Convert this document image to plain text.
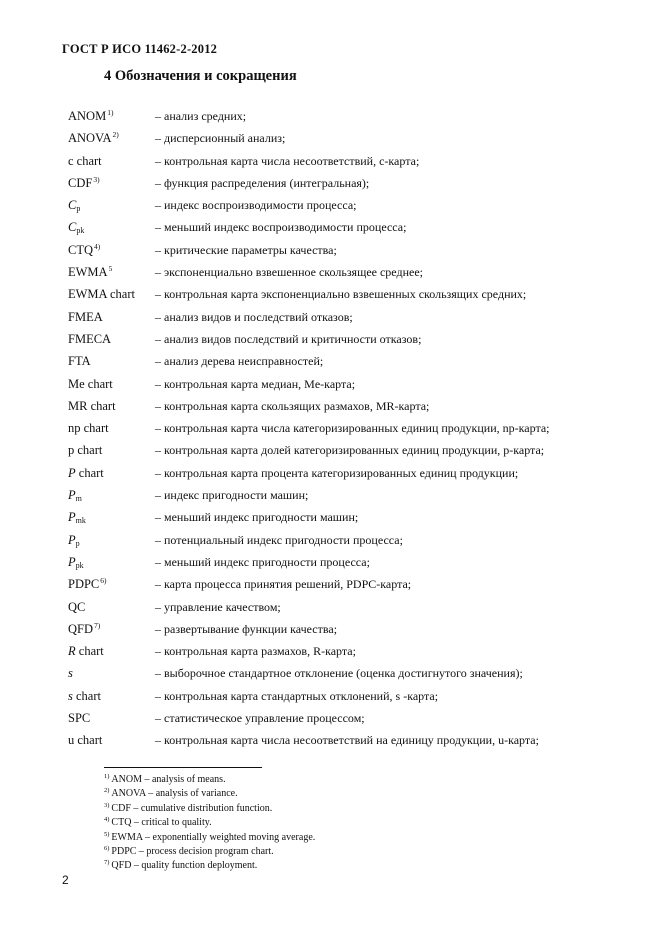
ГОСТ Р ИСО 11462-2-2012
4 Обозначения и сокращения
ANOM$^{1)}$	– анализ средних;
ANOVA$^{2)}$	– дисперсионный анализ;
c chart	– контрольная карта числа несоответствий, с-карта;
CDF$^{3)}$	– функция распределения (интегральная);
$C_p$	– индекс воспроизводимости процесса;
$C_{pk}$	– меньший индекс воспроизводимости процесса;
CTQ$^{4)}$	– критические параметры качества;
EWMA$^5$	– экспоненциально взвешенное скользящее среднее;
EWMA chart	– контрольная карта экспоненциально взвешенных скользящих средних;
FMEA	– анализ видов и последствий отказов;
FMECA	– анализ видов последствий и критичности отказов;
FTA	– анализ дерева неисправностей;
Me chart	– контрольная карта медиан, Me-карта;
MR chart	– контрольная карта скользящих размахов, MR-карта;
np chart	– контрольная карта числа категоризированных единиц продукции, np-карта;
p chart	– контрольная карта долей категоризированных единиц продукции, p-карта;
P chart	– контрольная карта процента категоризированных единиц продукции;
$P_m$	– индекс пригодности машин;
$P_{mk}$	– меньший индекс пригодности машин;
$P_p$	– потенциальный индекс пригодности процесса;
$P_{pk}$	– меньший индекс пригодности процесса;
PDPC$^{6)}$	– карта процесса принятия решений, PDPC-карта;
QC	– управление качеством;
QFD$^{7)}$	– развертывание функции качества;
R chart	– контрольная карта размахов, R-карта;
s	– выборочное стандартное отклонение (оценка достигнутого значения);
s chart	– контрольная карта стандартных отклонений, s -карта;
SPC	– статистическое управление процессом;
u chart	– контрольная карта числа несоответствий на единицу продукции, u-карта;
$^{1)}$ ANOM – analysis of means.
$^{2)}$ ANOVA – analysis of variance.
$^{3)}$ CDF – cumulative distribution function.
$^{4)}$ CTQ – critical to quality.
$^{5)}$ EWMA – exponentially weighted moving average.
$^{6)}$ PDPC – process decision program chart.
$^{7)}$ QFD – quality function deployment.
2
